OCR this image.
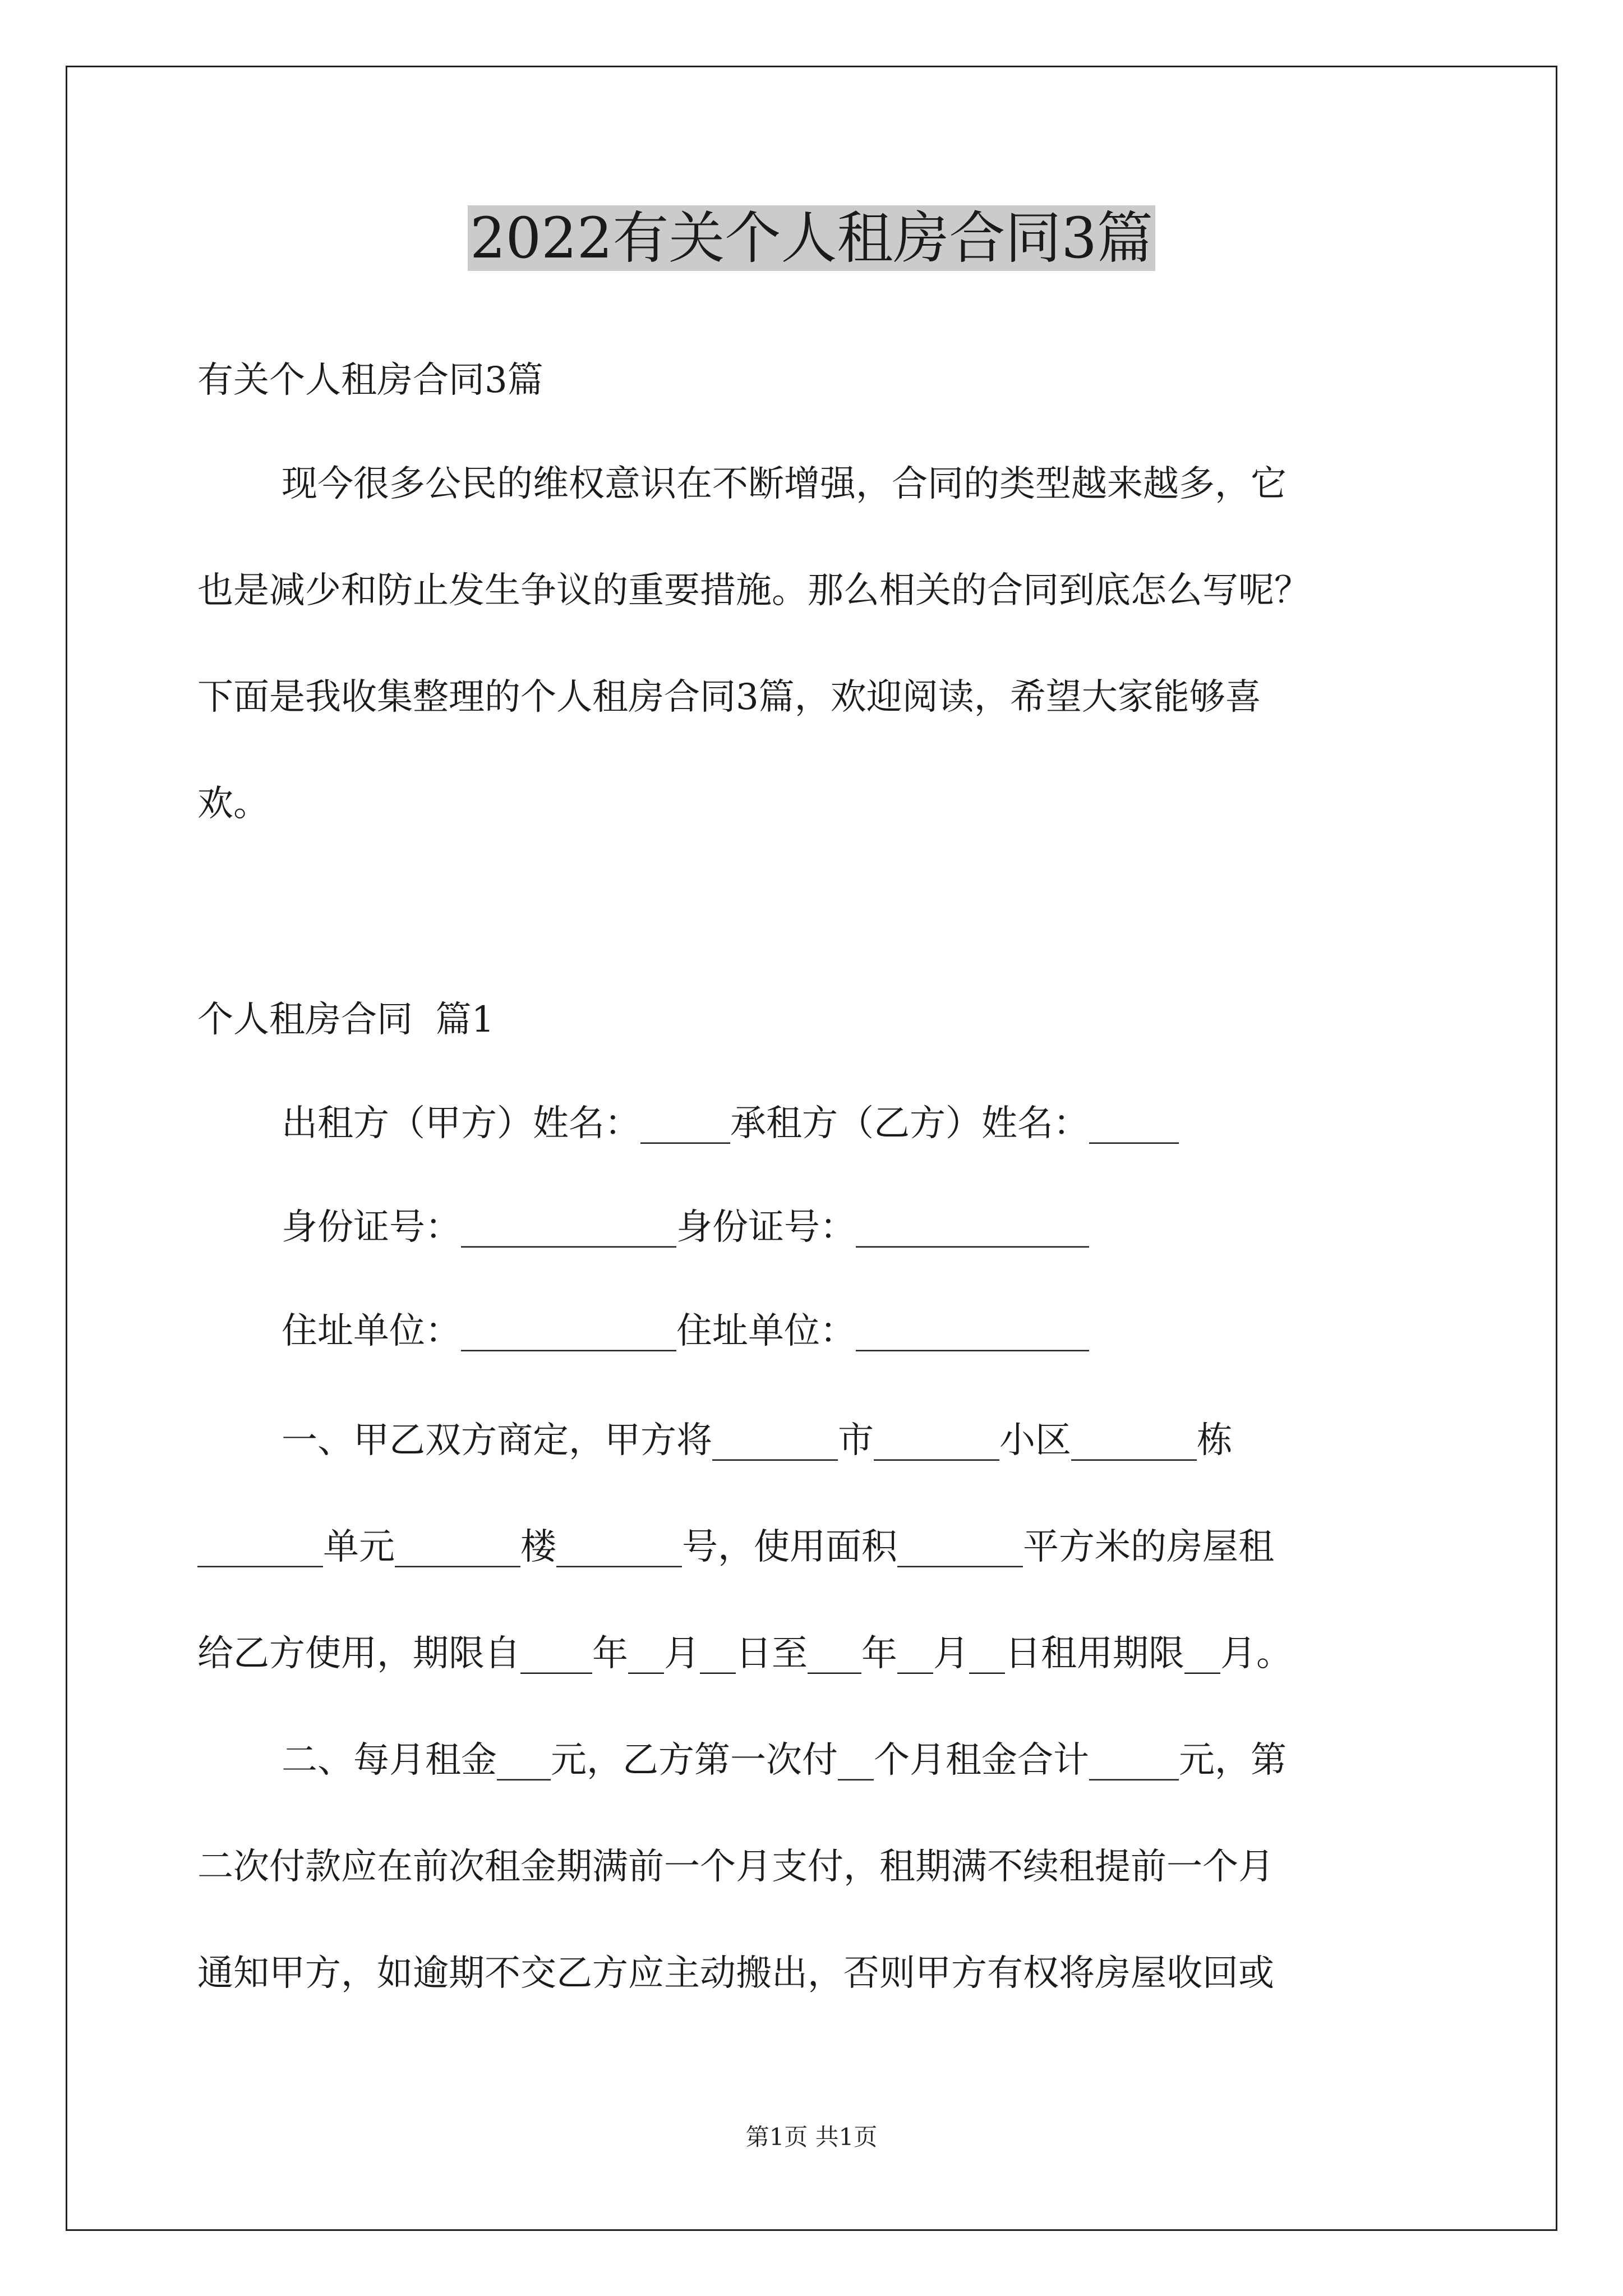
2022有关个人租房合同3篇
有关个人租房合同3篇
现今很多公民的维权意识在不断增强，合同的类型越来越多，它
也是减少和防止发生争议的重要措施。那么相关的合同到底怎么写呢？
下面是我收集整理的个人租房合同3篇，欢迎阅读，希望大家能够喜
欢。
个人租房合同  篇1
出租方（甲方）姓名：_____承租方（乙方）姓名：_____
身份证号：____________身份证号：_____________
住址单位：____________住址单位：_____________
一、甲乙双方商定，甲方将_______市_______小区_______栋
_______单元_______楼_______号，使用面积_______平方米的房屋租
给乙方使用，期限自____年__月__日至___年__月__日租用期限__月。
二、每月租金___元，乙方第一次付__个月租金合计_____元，第
二次付款应在前次租金期满前一个月支付，租期满不续租提前一个月
通知甲方，如逾期不交乙方应主动搬出，否则甲方有权将房屋收回或
第1页 共1页
